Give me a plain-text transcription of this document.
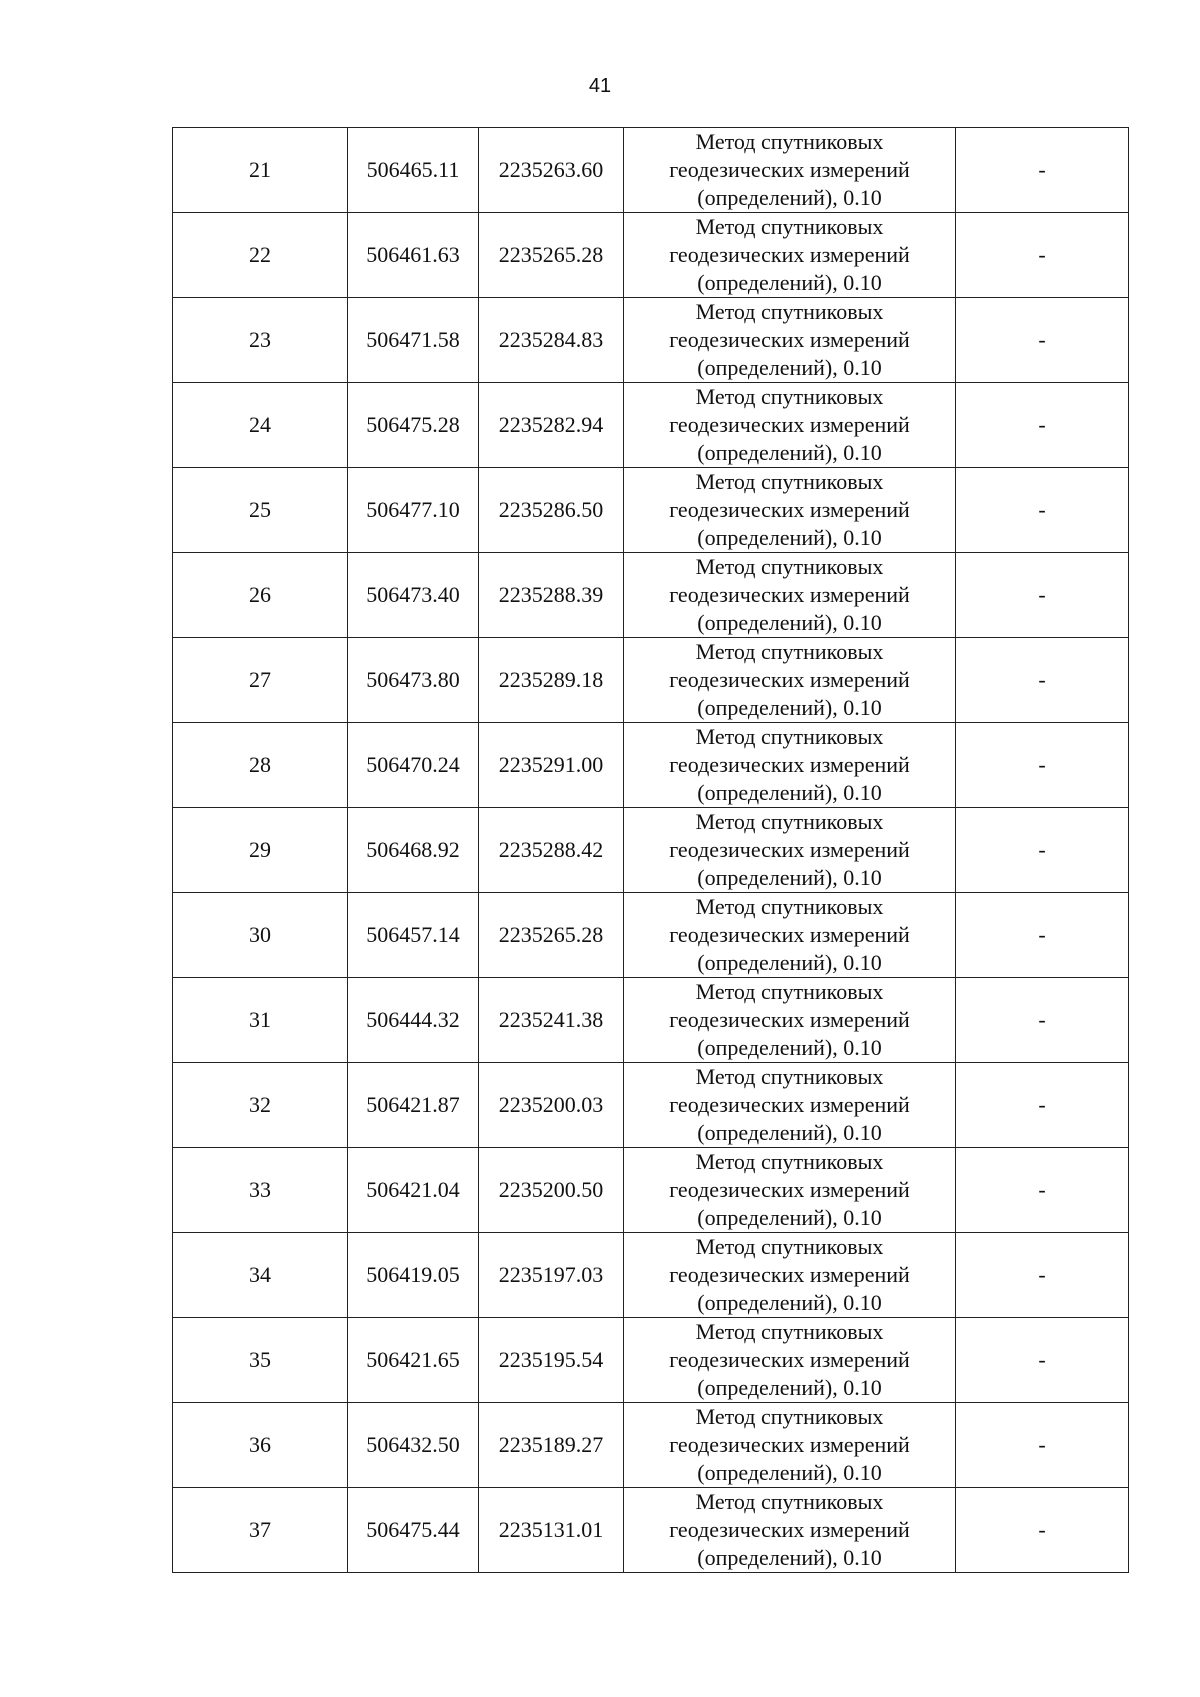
41
21	506465.11	2235263.60	Метод спутниковых
геодезических измерений
(определений), 0.10	-
22	506461.63	2235265.28	Метод спутниковых
геодезических измерений
(определений), 0.10	-
23	506471.58	2235284.83	Метод спутниковых
геодезических измерений
(определений), 0.10	-
24	506475.28	2235282.94	Метод спутниковых
геодезических измерений
(определений), 0.10	-
25	506477.10	2235286.50	Метод спутниковых
геодезических измерений
(определений), 0.10	-
26	506473.40	2235288.39	Метод спутниковых
геодезических измерений
(определений), 0.10	-
27	506473.80	2235289.18	Метод спутниковых
геодезических измерений
(определений), 0.10	-
28	506470.24	2235291.00	Метод спутниковых
геодезических измерений
(определений), 0.10	-
29	506468.92	2235288.42	Метод спутниковых
геодезических измерений
(определений), 0.10	-
30	506457.14	2235265.28	Метод спутниковых
геодезических измерений
(определений), 0.10	-
31	506444.32	2235241.38	Метод спутниковых
геодезических измерений
(определений), 0.10	-
32	506421.87	2235200.03	Метод спутниковых
геодезических измерений
(определений), 0.10	-
33	506421.04	2235200.50	Метод спутниковых
геодезических измерений
(определений), 0.10	-
34	506419.05	2235197.03	Метод спутниковых
геодезических измерений
(определений), 0.10	-
35	506421.65	2235195.54	Метод спутниковых
геодезических измерений
(определений), 0.10	-
36	506432.50	2235189.27	Метод спутниковых
геодезических измерений
(определений), 0.10	-
37	506475.44	2235131.01	Метод спутниковых
геодезических измерений
(определений), 0.10	-
